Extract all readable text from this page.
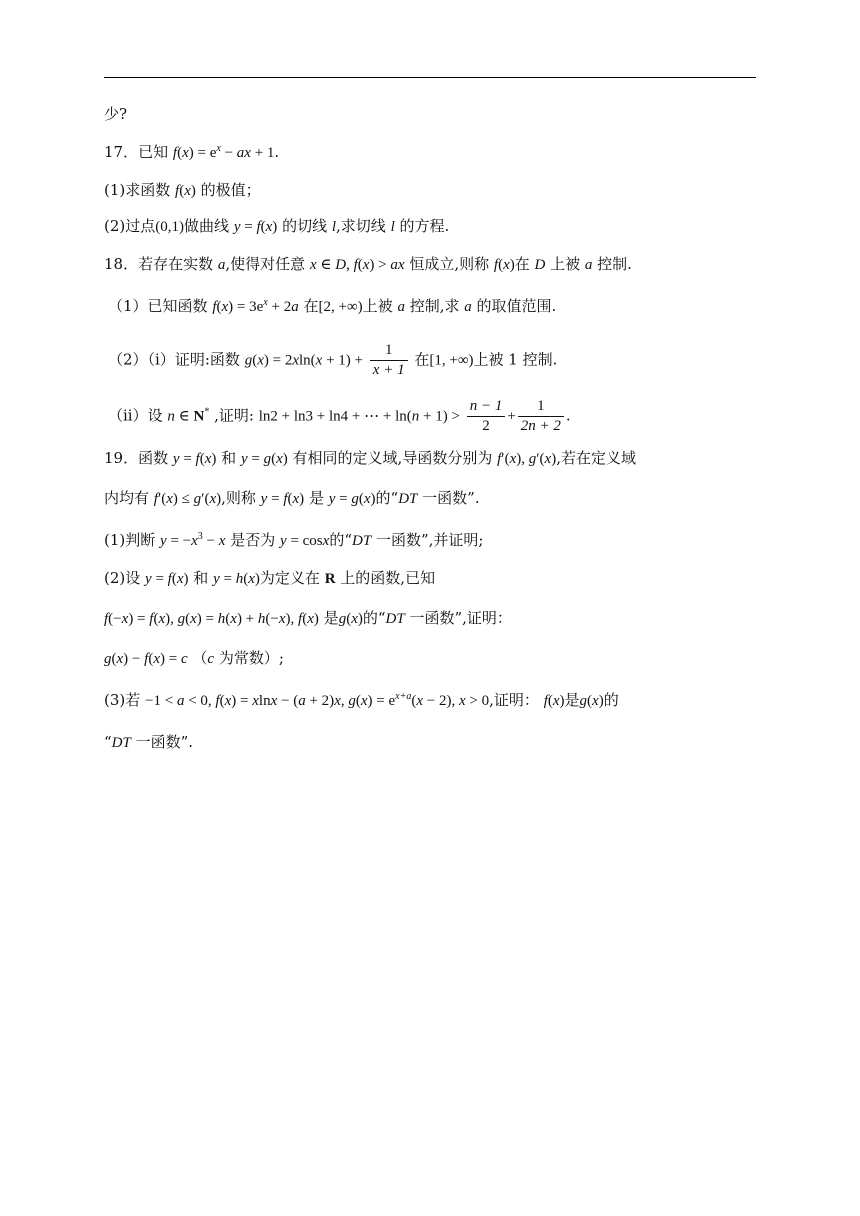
少?
17．已知 $f(x) = e^x$ − ax + 1.
(1)求函数 f(x) 的极值；
(2)过点(0,1)做曲线 y = f(x) 的切线 l,求切线 l 的方程.
18．若存在实数 a,使得对任意 x ∈ D, f(x) > ax 恒成立,则称 f(x)在 D 上被 a 控制.
（1）已知函数 $f(x) = 3e^x + 2a$ 在[2, +∞)上被 a 控制,求 a 的取值范围.
（2）（i）证明:函数 $g(x) = 2xln(x + 1) + \frac{1}{x + 1}$ 在[1, +∞)上被 1 控制.
（ii）设 n ∈ N* ,证明: ln2 + ln3 + ln4 + ⋯ + $\ln(n + 1) > \frac{n - 1}{2} + \frac{1}{2n + 2}$ .
19．函数 y = f(x) 和 y = g(x) 有相同的定义域,导函数分别为 f′(x), g′(x),若在定义域
内均有 f′(x) ≤ g′(x),则称 y = f(x) 是 y = g(x)的“DT 一函数”.
(1)判断 $y = -x^3 - x$ 是否为 y = cosx的“DT 一函数”,并证明;
(2)设 y = f(x) 和 y = h(x)为定义在 R 上的函数,已知
f(−x) = f(x), g(x) = h(x) + h(−x), f(x) 是g(x)的“DT 一函数”,证明：
g(x) − f(x) = c （c 为常数）;
(3)若 −1 < a < 0, f(x) = xlnx − (a + 2)x, $g(x) = e^{x+a}(x - 2)$, x > 0,证明： f(x)是g(x)的
“DT 一函数”.
